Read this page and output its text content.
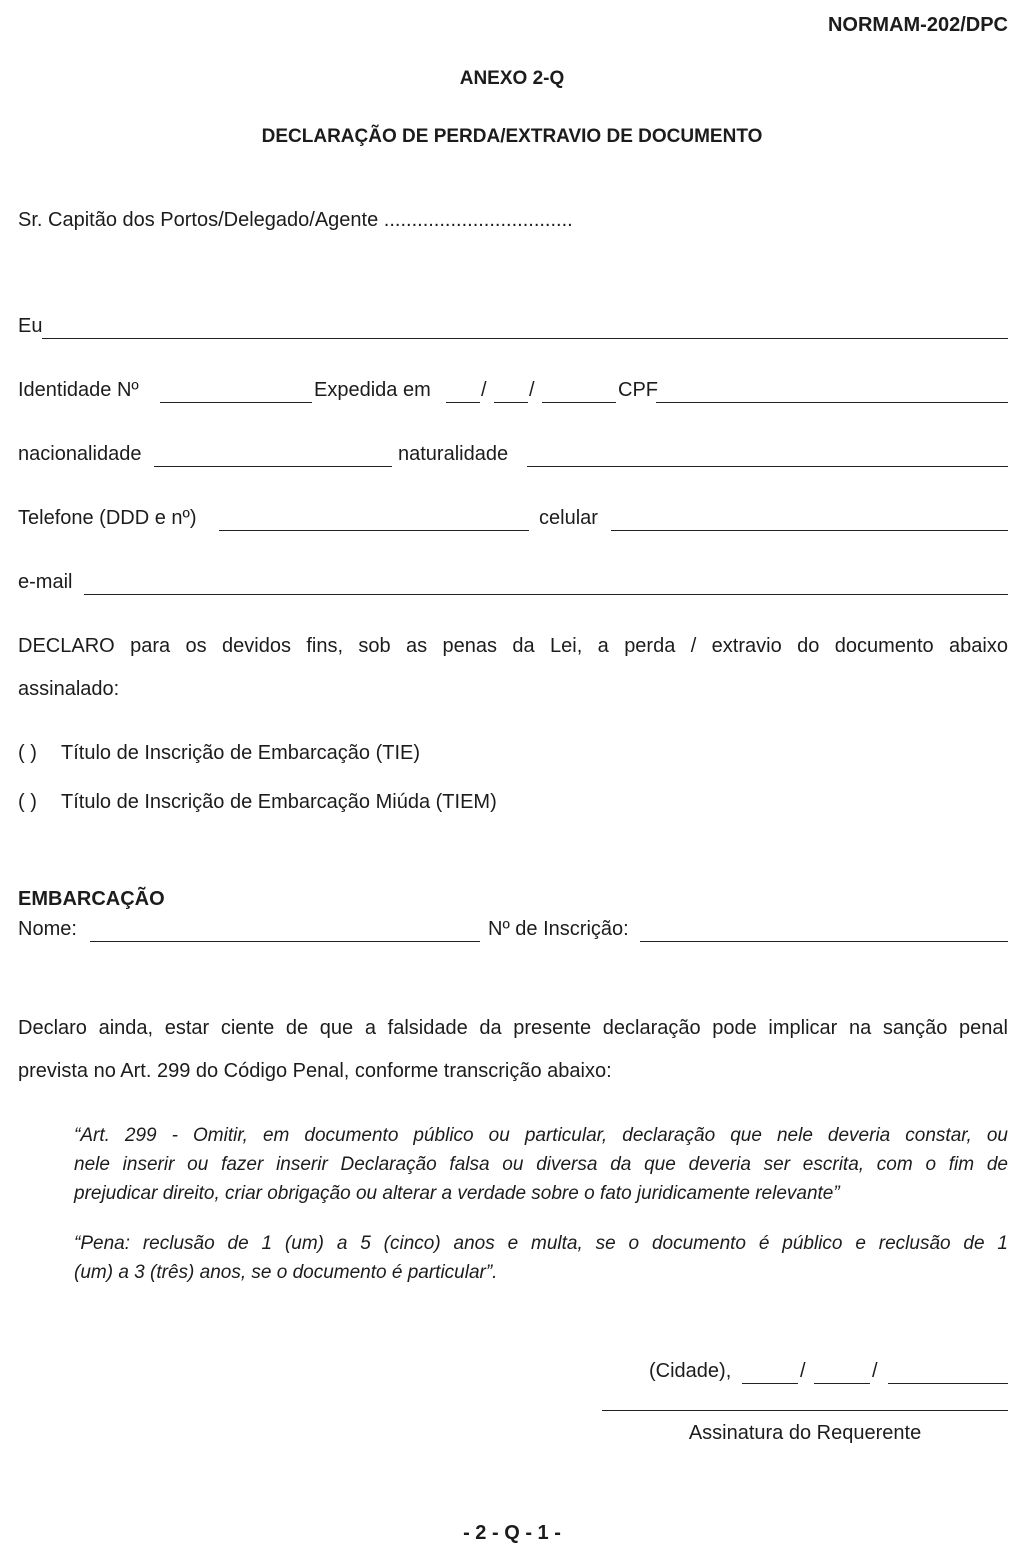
NORMAM-202/DPC
ANEXO 2-Q
DECLARAÇÃO DE PERDA/EXTRAVIO DE DOCUMENTO
Sr. Capitão dos Portos/Delegado/Agente ..................................
Eu
Identidade Nº	Expedida em	/ /	CPF
nacionalidade	naturalidade
Telefone (DDD e nº)	celular
e-mail
DECLARO para os devidos fins, sob as penas da Lei, a perda / extravio do documento abaixo
assinalado:
( ) Título de Inscrição de Embarcação (TIE)
( ) Título de Inscrição de Embarcação Miúda (TIEM)
EMBARCAÇÃO
Nome:	Nº de Inscrição:
Declaro ainda, estar ciente de que a falsidade da presente declaração pode implicar na sanção penal
prevista no Art. 299 do Código Penal, conforme transcrição abaixo:
“Art. 299 - Omitir, em documento público ou particular, declaração que nele deveria constar, ou
nele inserir ou fazer inserir Declaração falsa ou diversa da que deveria ser escrita, com o fim de
prejudicar direito, criar obrigação ou alterar a verdade sobre o fato juridicamente relevante”
“Pena: reclusão de 1 (um) a 5 (cinco) anos e multa, se o documento é público e reclusão de 1
(um) a 3 (três) anos, se o documento é particular”.
(Cidade),	/	/
Assinatura do Requerente
- 2 - Q - 1 -
